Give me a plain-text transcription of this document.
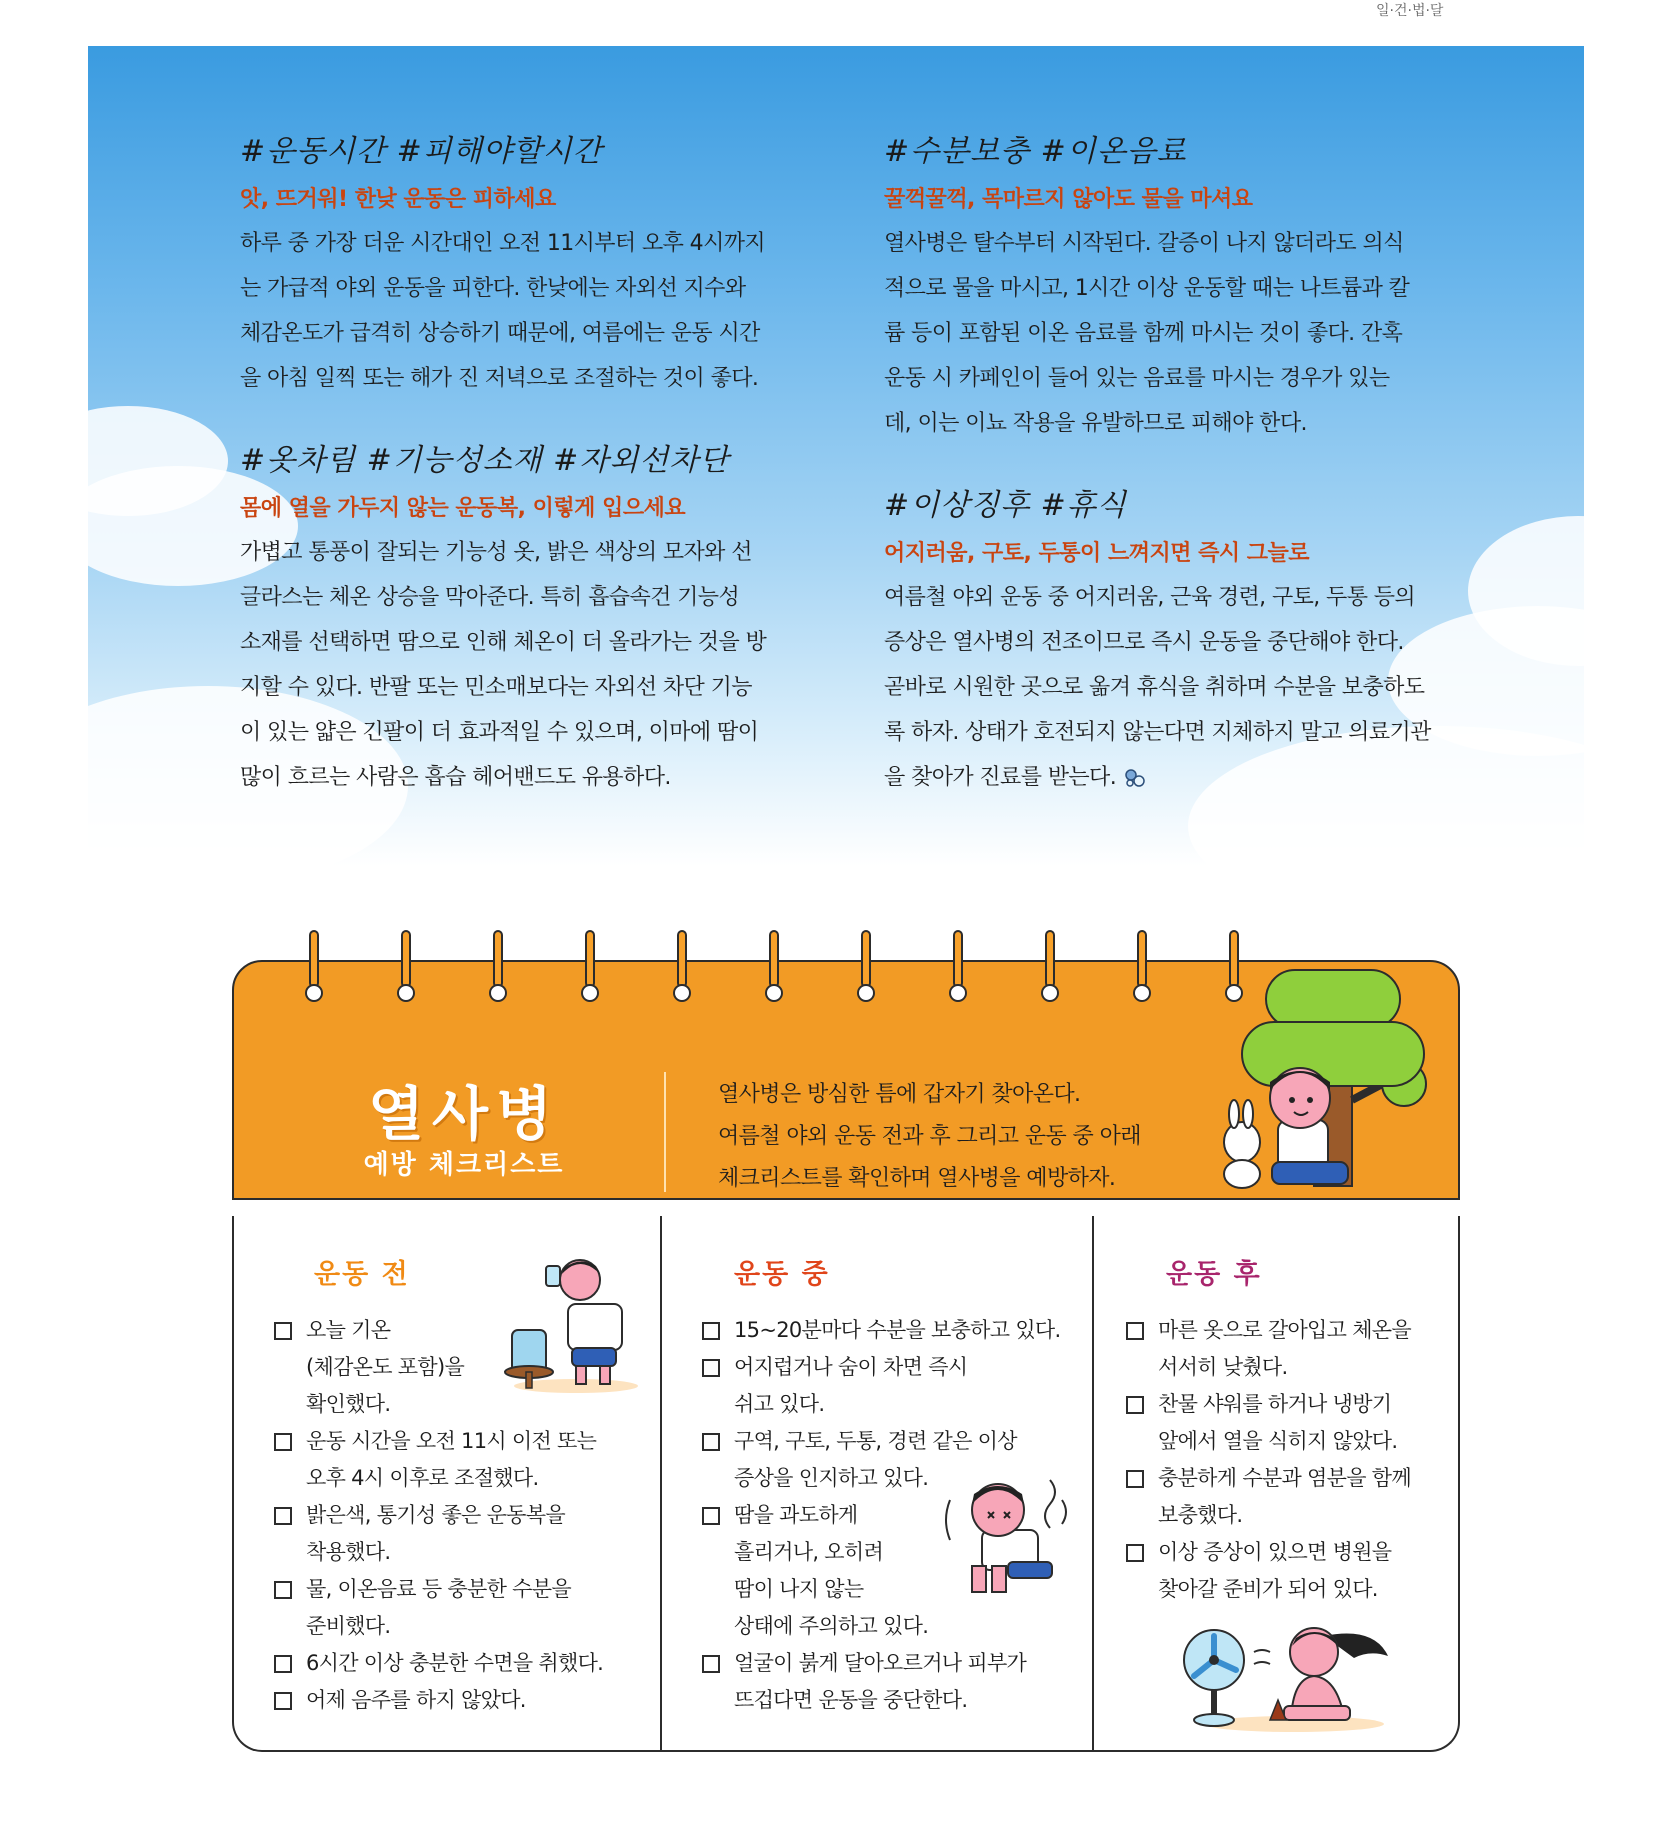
일·건·법·달
#운동시간 #피해야할시간
앗, 뜨거워! 한낮 운동은 피하세요
하루 중 가장 더운 시간대인 오전 11시부터 오후 4시까지
는 가급적 야외 운동을 피한다. 한낮에는 자외선 지수와
체감온도가 급격히 상승하기 때문에, 여름에는 운동 시간
을 아침 일찍 또는 해가 진 저녁으로 조절하는 것이 좋다.
#옷차림 #기능성소재 #자외선차단
몸에 열을 가두지 않는 운동복, 이렇게 입으세요
가볍고 통풍이 잘되는 기능성 옷, 밝은 색상의 모자와 선
글라스는 체온 상승을 막아준다. 특히 흡습속건 기능성
소재를 선택하면 땀으로 인해 체온이 더 올라가는 것을 방
지할 수 있다. 반팔 또는 민소매보다는 자외선 차단 기능
이 있는 얇은 긴팔이 더 효과적일 수 있으며, 이마에 땀이
많이 흐르는 사람은 흡습 헤어밴드도 유용하다.
#수분보충 #이온음료
꿀꺽꿀꺽, 목마르지 않아도 물을 마셔요
열사병은 탈수부터 시작된다. 갈증이 나지 않더라도 의식
적으로 물을 마시고, 1시간 이상 운동할 때는 나트륨과 칼
륨 등이 포함된 이온 음료를 함께 마시는 것이 좋다. 간혹
운동 시 카페인이 들어 있는 음료를 마시는 경우가 있는
데, 이는 이뇨 작용을 유발하므로 피해야 한다.
#이상징후 #휴식
어지러움, 구토, 두통이 느껴지면 즉시 그늘로
여름철 야외 운동 중 어지러움, 근육 경련, 구토, 두통 등의
증상은 열사병의 전조이므로 즉시 운동을 중단해야 한다.
곧바로 시원한 곳으로 옮겨 휴식을 취하며 수분을 보충하도
록 하자. 상태가 호전되지 않는다면 지체하지 말고 의료기관
을 찾아가 진료를 받는다.
열사병
예방 체크리스트
열사병은 방심한 틈에 갑자기 찾아온다.
여름철 야외 운동 전과 후 그리고 운동 중 아래
체크리스트를 확인하며 열사병을 예방하자.
운동 전
오늘 기온
(체감온도 포함)을
확인했다.
운동 시간을 오전 11시 이전 또는
오후 4시 이후로 조절했다.
밝은색, 통기성 좋은 운동복을
착용했다.
물, 이온음료 등 충분한 수분을
준비했다.
6시간 이상 충분한 수면을 취했다.
어제 음주를 하지 않았다.
운동 중
15~20분마다 수분을 보충하고 있다.
어지럽거나 숨이 차면 즉시
쉬고 있다.
구역, 구토, 두통, 경련 같은 이상
증상을 인지하고 있다.
땀을 과도하게
흘리거나, 오히려
땀이 나지 않는
상태에 주의하고 있다.
얼굴이 붉게 달아오르거나 피부가
뜨겁다면 운동을 중단한다.
운동 후
마른 옷으로 갈아입고 체온을
서서히 낮췄다.
찬물 샤워를 하거나 냉방기
앞에서 열을 식히지 않았다.
충분하게 수분과 염분을 함께
보충했다.
이상 증상이 있으면 병원을
찾아갈 준비가 되어 있다.
